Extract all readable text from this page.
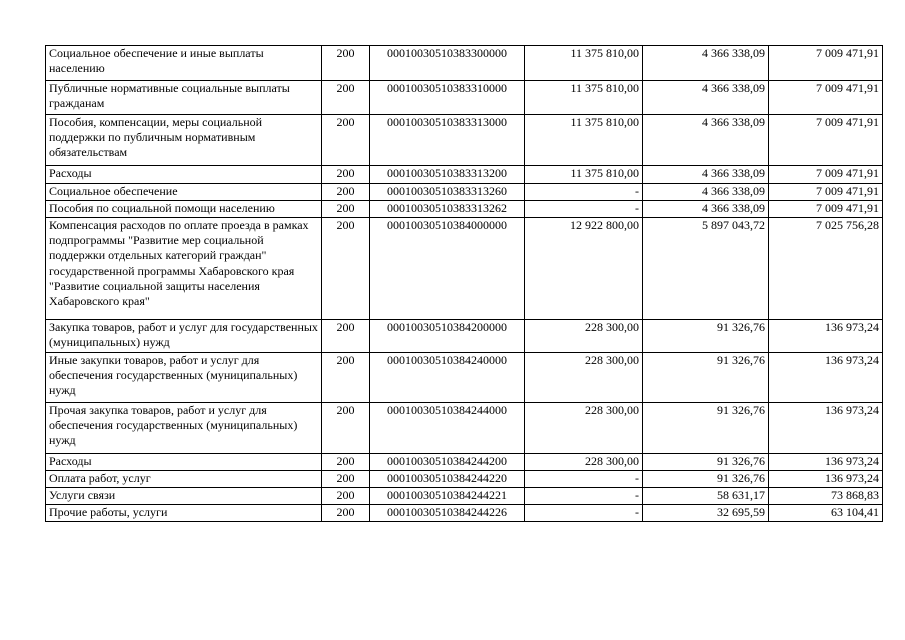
Социальное обеспечение и иные выплаты населению	200	00010030510383300000	11 375 810,00	4 366 338,09	7 009 471,91
Публичные нормативные социальные выплаты гражданам	200	00010030510383310000	11 375 810,00	4 366 338,09	7 009 471,91
Пособия, компенсации, меры социальной поддержки по публичным нормативным обязательствам	200	00010030510383313000	11 375 810,00	4 366 338,09	7 009 471,91
Расходы	200	00010030510383313200	11 375 810,00	4 366 338,09	7 009 471,91
Социальное обеспечение	200	00010030510383313260	-	4 366 338,09	7 009 471,91
Пособия по социальной помощи населению	200	00010030510383313262	-	4 366 338,09	7 009 471,91
Компенсация расходов по оплате проезда в рамках подпрограммы "Развитие мер социальной поддержки отдельных категорий граждан" государственной программы Хабаровского края "Развитие социальной защиты населения Хабаровского края"	200	00010030510384000000	12 922 800,00	5 897 043,72	7 025 756,28
Закупка товаров, работ и услуг для государственных (муниципальных) нужд	200	00010030510384200000	228 300,00	91 326,76	136 973,24
Иные закупки товаров, работ и услуг для обеспечения государственных (муниципальных) нужд	200	00010030510384240000	228 300,00	91 326,76	136 973,24
Прочая закупка товаров, работ и услуг для обеспечения государственных (муниципальных) нужд	200	00010030510384244000	228 300,00	91 326,76	136 973,24
Расходы	200	00010030510384244200	228 300,00	91 326,76	136 973,24
Оплата работ, услуг	200	00010030510384244220	-	91 326,76	136 973,24
Услуги связи	200	00010030510384244221	-	58 631,17	73 868,83
Прочие работы, услуги	200	00010030510384244226	-	32 695,59	63 104,41
